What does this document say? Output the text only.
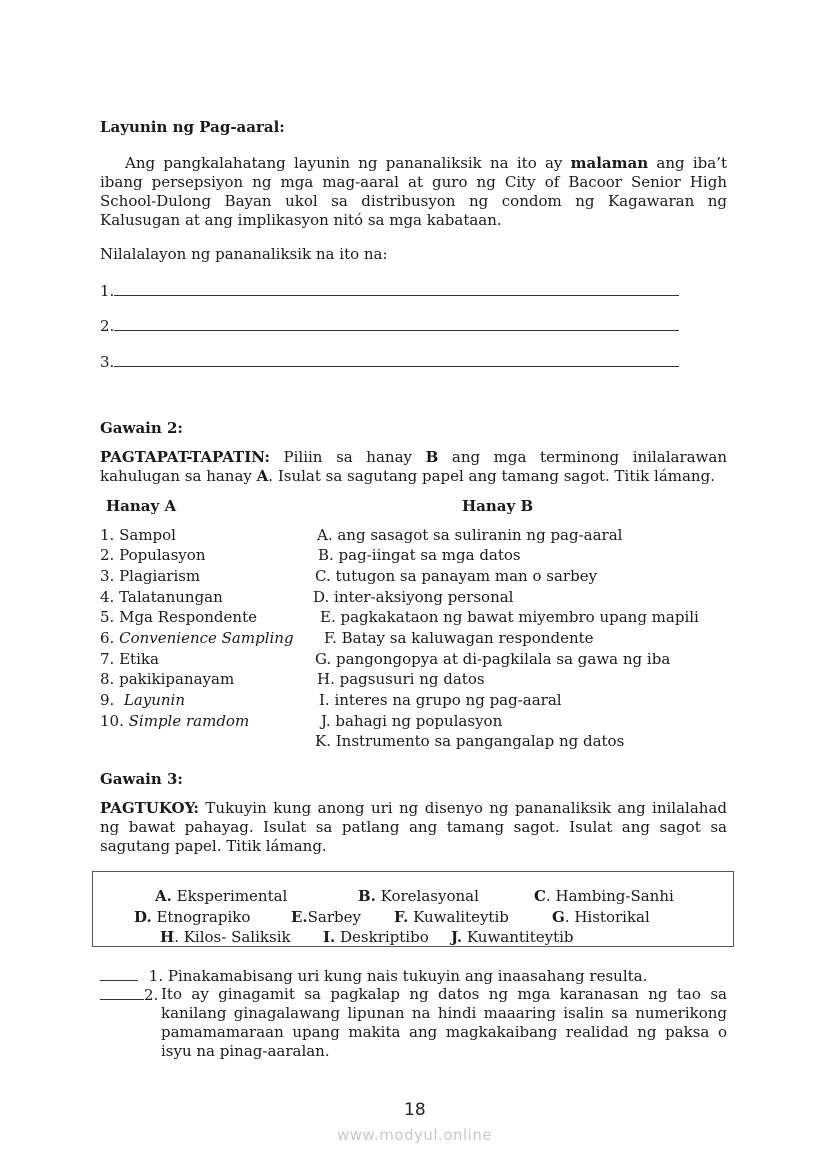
Layunin ng Pag-aaral:
Ang pangkalahatang layunin ng pananaliksik na ito ay malaman ang iba’t ibang persepsiyon ng mga mag-aaral at guro ng City of Bacoor Senior High School-Dulong Bayan ukol sa distribusyon ng condom ng Kagawaran ng Kalusugan at ang implikasyon nitó sa mga kabataan.
Nilalalayon ng pananaliksik na ito na:
1.
2.
3.
Gawain 2:
PAGTAPAT-TAPATIN: Piliin sa hanay B ang mga terminong inilalarawan kahulugan sa hanay A. Isulat sa sagutang papel ang tamang sagot. Titik lámang.
Hanay A	Hanay B
1. Sampol
2. Populasyon
3. Plagiarism
4. Talatanungan
5. Mga Respondente
6. Convenience Sampling
7. Etika
8. pakikipanayam
9. Layunin
10. Simple ramdom
A. ang sasagot sa suliranin ng pag-aaral
B. pag-iingat sa mga datos
C. tutugon sa panayam man o sarbey
D. inter-aksiyong personal
E. pagkakataon ng bawat miyembro upang mapili
F. Batay sa kaluwagan respondente
G. pangongopya at di-pagkilala sa gawa ng iba
H. pagsusuri ng datos
I. interes na grupo ng pag-aaral
J. bahagi ng populasyon
K. Instrumento sa pangangalap ng datos
Gawain 3:
PAGTUKOY: Tukuyin kung anong uri ng disenyo ng pananaliksik ang inilalahad ng bawat pahayag. Isulat sa patlang ang tamang sagot. Isulat ang sagot sa sagutang papel. Titik lámang.
A. Eksperimental	B. Korelasyonal	C. Hambing-Sanhi
D. Etnograpiko	E.Sarbey F. Kuwaliteytib	G. Historikal
H. Kilos- Saliksik I. Deskriptibo J. Kuwantiteytib
1. Pinakamabisang uri kung nais tukuyin ang inaasahang resulta.
2. Ito ay ginagamit sa pagkalap ng datos ng mga karanasan ng tao sa kanilang ginagalawang lipunan na hindi maaaring isalin sa numerikong pamamamaraan upang makita ang magkakaibang realidad ng paksa o isyu na pinag-aaralan.
18
www.modyul.online
